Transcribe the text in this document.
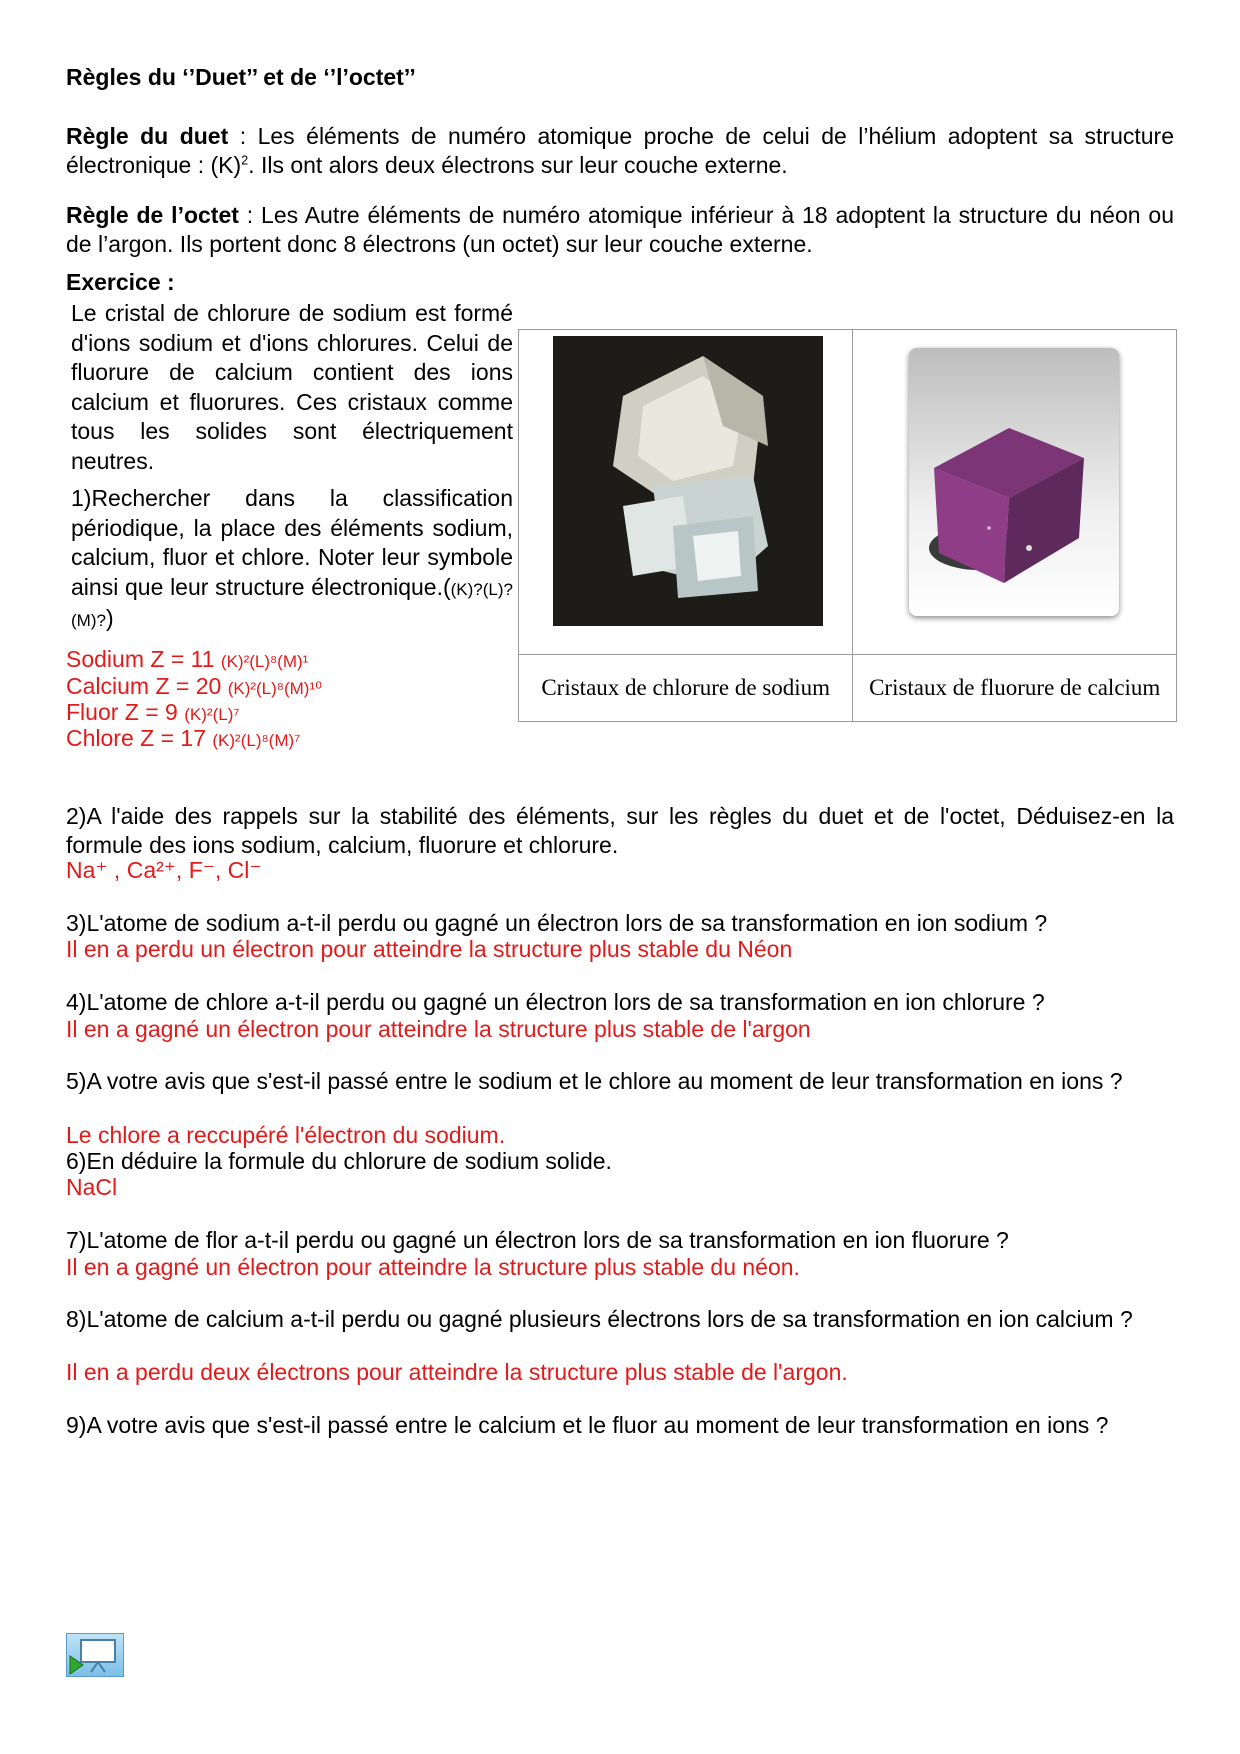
Règles du ‘’Duet’’ et de ‘’l’octet’’
Règle du duet : Les éléments de numéro atomique proche de celui de l’hélium adoptent sa structure électronique : $(K)^2$. Ils ont alors deux électrons sur leur couche externe.
Règle de l’octet : Les Autre éléments de numéro atomique inférieur à 18 adoptent la structure du néon ou de l’argon. Ils portent donc 8 électrons (un octet) sur leur couche externe.
Exercice :
Le cristal de chlorure de sodium est formé d'ions sodium et d'ions chlorures. Celui de fluorure de calcium contient des ions calcium et fluorures. Ces cristaux comme tous les solides sont électriquement neutres.
1)Rechercher dans la classification périodique, la place des éléments sodium, calcium, fluor et chlore. Noter leur symbole ainsi que leur structure électronique.((K)?(L)?(M)?)

Cristaux de chlorure de sodium	Cristaux de fluorure de calcium
Sodium Z = 11 (K)²(L)⁸(M)¹
Calcium Z = 20 (K)²(L)⁸(M)¹⁰
Fluor Z = 9 (K)²(L)⁷
Chlore Z = 17 (K)²(L)⁸(M)⁷
2)A l'aide des rappels sur la stabilité des éléments, sur les règles du duet et de l'octet, Déduisez-en la formule des ions sodium, calcium, fluorure et chlorure.
Na⁺ , Ca²⁺, F⁻, Cl⁻
3)L'atome de sodium a-t-il perdu ou gagné un électron lors de sa transformation en ion sodium ?
Il en a perdu un électron pour atteindre la structure plus stable du Néon
4)L'atome de chlore a-t-il perdu ou gagné un électron lors de sa transformation en ion chlorure ?
Il en a gagné un électron pour atteindre la structure plus stable de l'argon
5)A votre avis que s'est-il passé entre le sodium et le chlore au moment de leur transformation en ions ?
Le chlore a reccupéré l'électron du sodium.
6)En déduire la formule du chlorure de sodium solide.
NaCl
7)L'atome de flor a-t-il perdu ou gagné un électron lors de sa transformation en ion fluorure ?
Il en a gagné un électron pour atteindre la structure plus stable du néon.
8)L'atome de calcium a-t-il perdu ou gagné plusieurs électrons lors de sa transformation en ion calcium ?
Il en a perdu deux électrons pour atteindre la structure plus stable de l'argon.
9)A votre avis que s'est-il passé entre le calcium et le fluor au moment de leur transformation en ions ?
